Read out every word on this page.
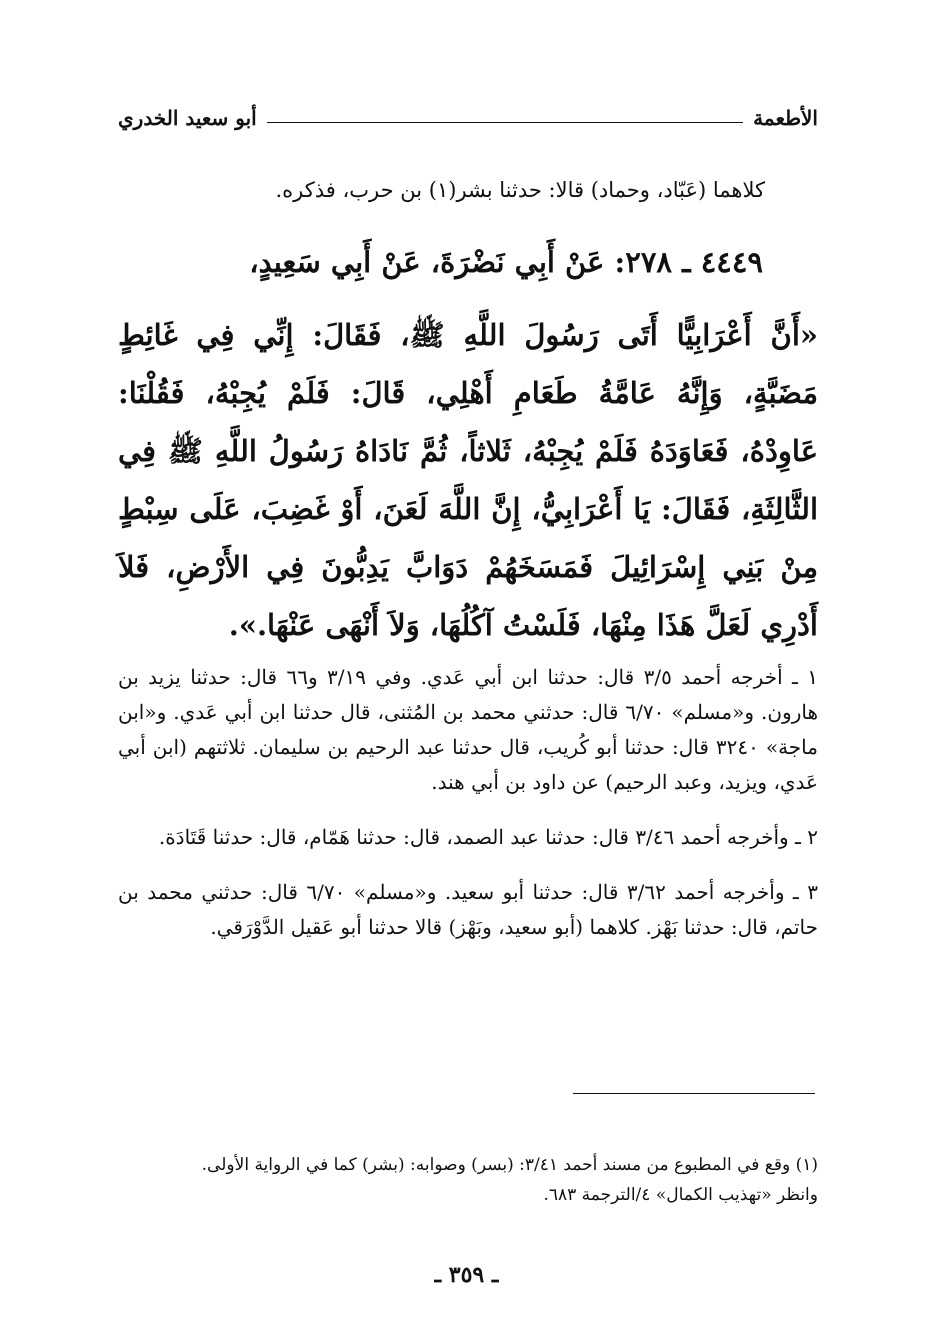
الأطعمة
أبو سعيد الخدري
كلاهما (عَبّاد، وحماد) قالا: حدثنا بشر(١) بن حرب، فذكره.
٤٤٤٩ ـ ٢٧٨: عَنْ أَبِي نَضْرَةَ، عَنْ أَبِي سَعِيدٍ،
«أَنَّ أَعْرَابِيًّا أَتَى رَسُولَ اللَّهِ ﷺ، فَقَالَ: إِنِّي فِي غَائِطٍ مَضَبَّةٍ، وَإِنَّهُ عَامَّةُ طَعَامِ أَهْلِي، قَالَ: فَلَمْ يُجِبْهُ، فَقُلْنَا: عَاوِدْهُ، فَعَاوَدَهُ فَلَمْ يُجِبْهُ، ثَلاثاً، ثُمَّ نَادَاهُ رَسُولُ اللَّهِ ﷺ فِي الثَّالِثَةِ، فَقَالَ: يَا أَعْرَابِيُّ، إِنَّ اللَّهَ لَعَنَ، أَوْ غَضِبَ، عَلَى سِبْطٍ مِنْ بَنِي إِسْرَائِيلَ فَمَسَخَهُمْ دَوَابَّ يَدِبُّونَ فِي الأَرْضِ، فَلاَ أَدْرِي لَعَلَّ هَذَا مِنْهَا، فَلَسْتُ آكُلُهَا، وَلاَ أَنْهَى عَنْهَا.».

١ ـ أخرجه أحمد ٣/٥ قال: حدثنا ابن أبي عَدي. وفي ٣/١٩ و٦٦ قال: حدثنا يزيد بن هارون. و«مسلم» ٦/٧٠ قال: حدثني محمد بن المُثنى، قال حدثنا ابن أبي عَدي. و«ابن ماجة» ٣٢٤٠ قال: حدثنا أبو كُريب، قال حدثنا عبد الرحيم بن سليمان. ثلاثتهم (ابن أبي عَدي، ويزيد، وعبد الرحيم) عن داود بن أبي هند.

٢ ـ وأخرجه أحمد ٣/٤٦ قال: حدثنا عبد الصمد، قال: حدثنا هَمّام، قال: حدثنا قَتَادَة.

٣ ـ وأخرجه أحمد ٣/٦٢ قال: حدثنا أبو سعيد. و«مسلم» ٦/٧٠ قال: حدثني محمد بن حاتم، قال: حدثنا بَهْز. كلاهما (أبو سعيد، وبَهْز) قالا حدثنا أبو عَقيل الدَّوْرَقي.

(١) وقع في المطبوع من مسند أحمد ٣/٤١: (بسر) وصوابه: (بشر) كما في الرواية الأولى.

وانظر «تهذيب الكمال» ٤/الترجمة ٦٨٣.

ـ ٣٥٩ ـ
